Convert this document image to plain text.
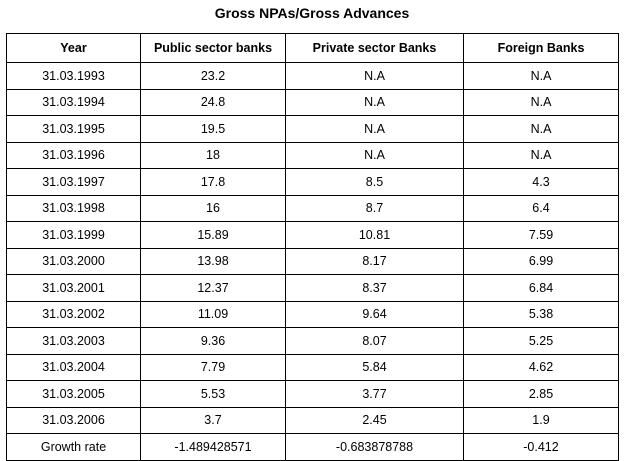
Gross NPAs/Gross Advances
Year	Public sector banks	Private sector Banks	Foreign Banks
31.03.1993	23.2	N.A	N.A
31.03.1994	24.8	N.A	N.A
31.03.1995	19.5	N.A	N.A
31.03.1996	18	N.A	N.A
31.03.1997	17.8	8.5	4.3
31.03.1998	16	8.7	6.4
31.03.1999	15.89	10.81	7.59
31.03.2000	13.98	8.17	6.99
31.03.2001	12.37	8.37	6.84
31.03.2002	11.09	9.64	5.38
31.03.2003	9.36	8.07	5.25
31.03.2004	7.79	5.84	4.62
31.03.2005	5.53	3.77	2.85
31.03.2006	3.7	2.45	1.9
Growth rate	-1.489428571	-0.683878788	-0.412
